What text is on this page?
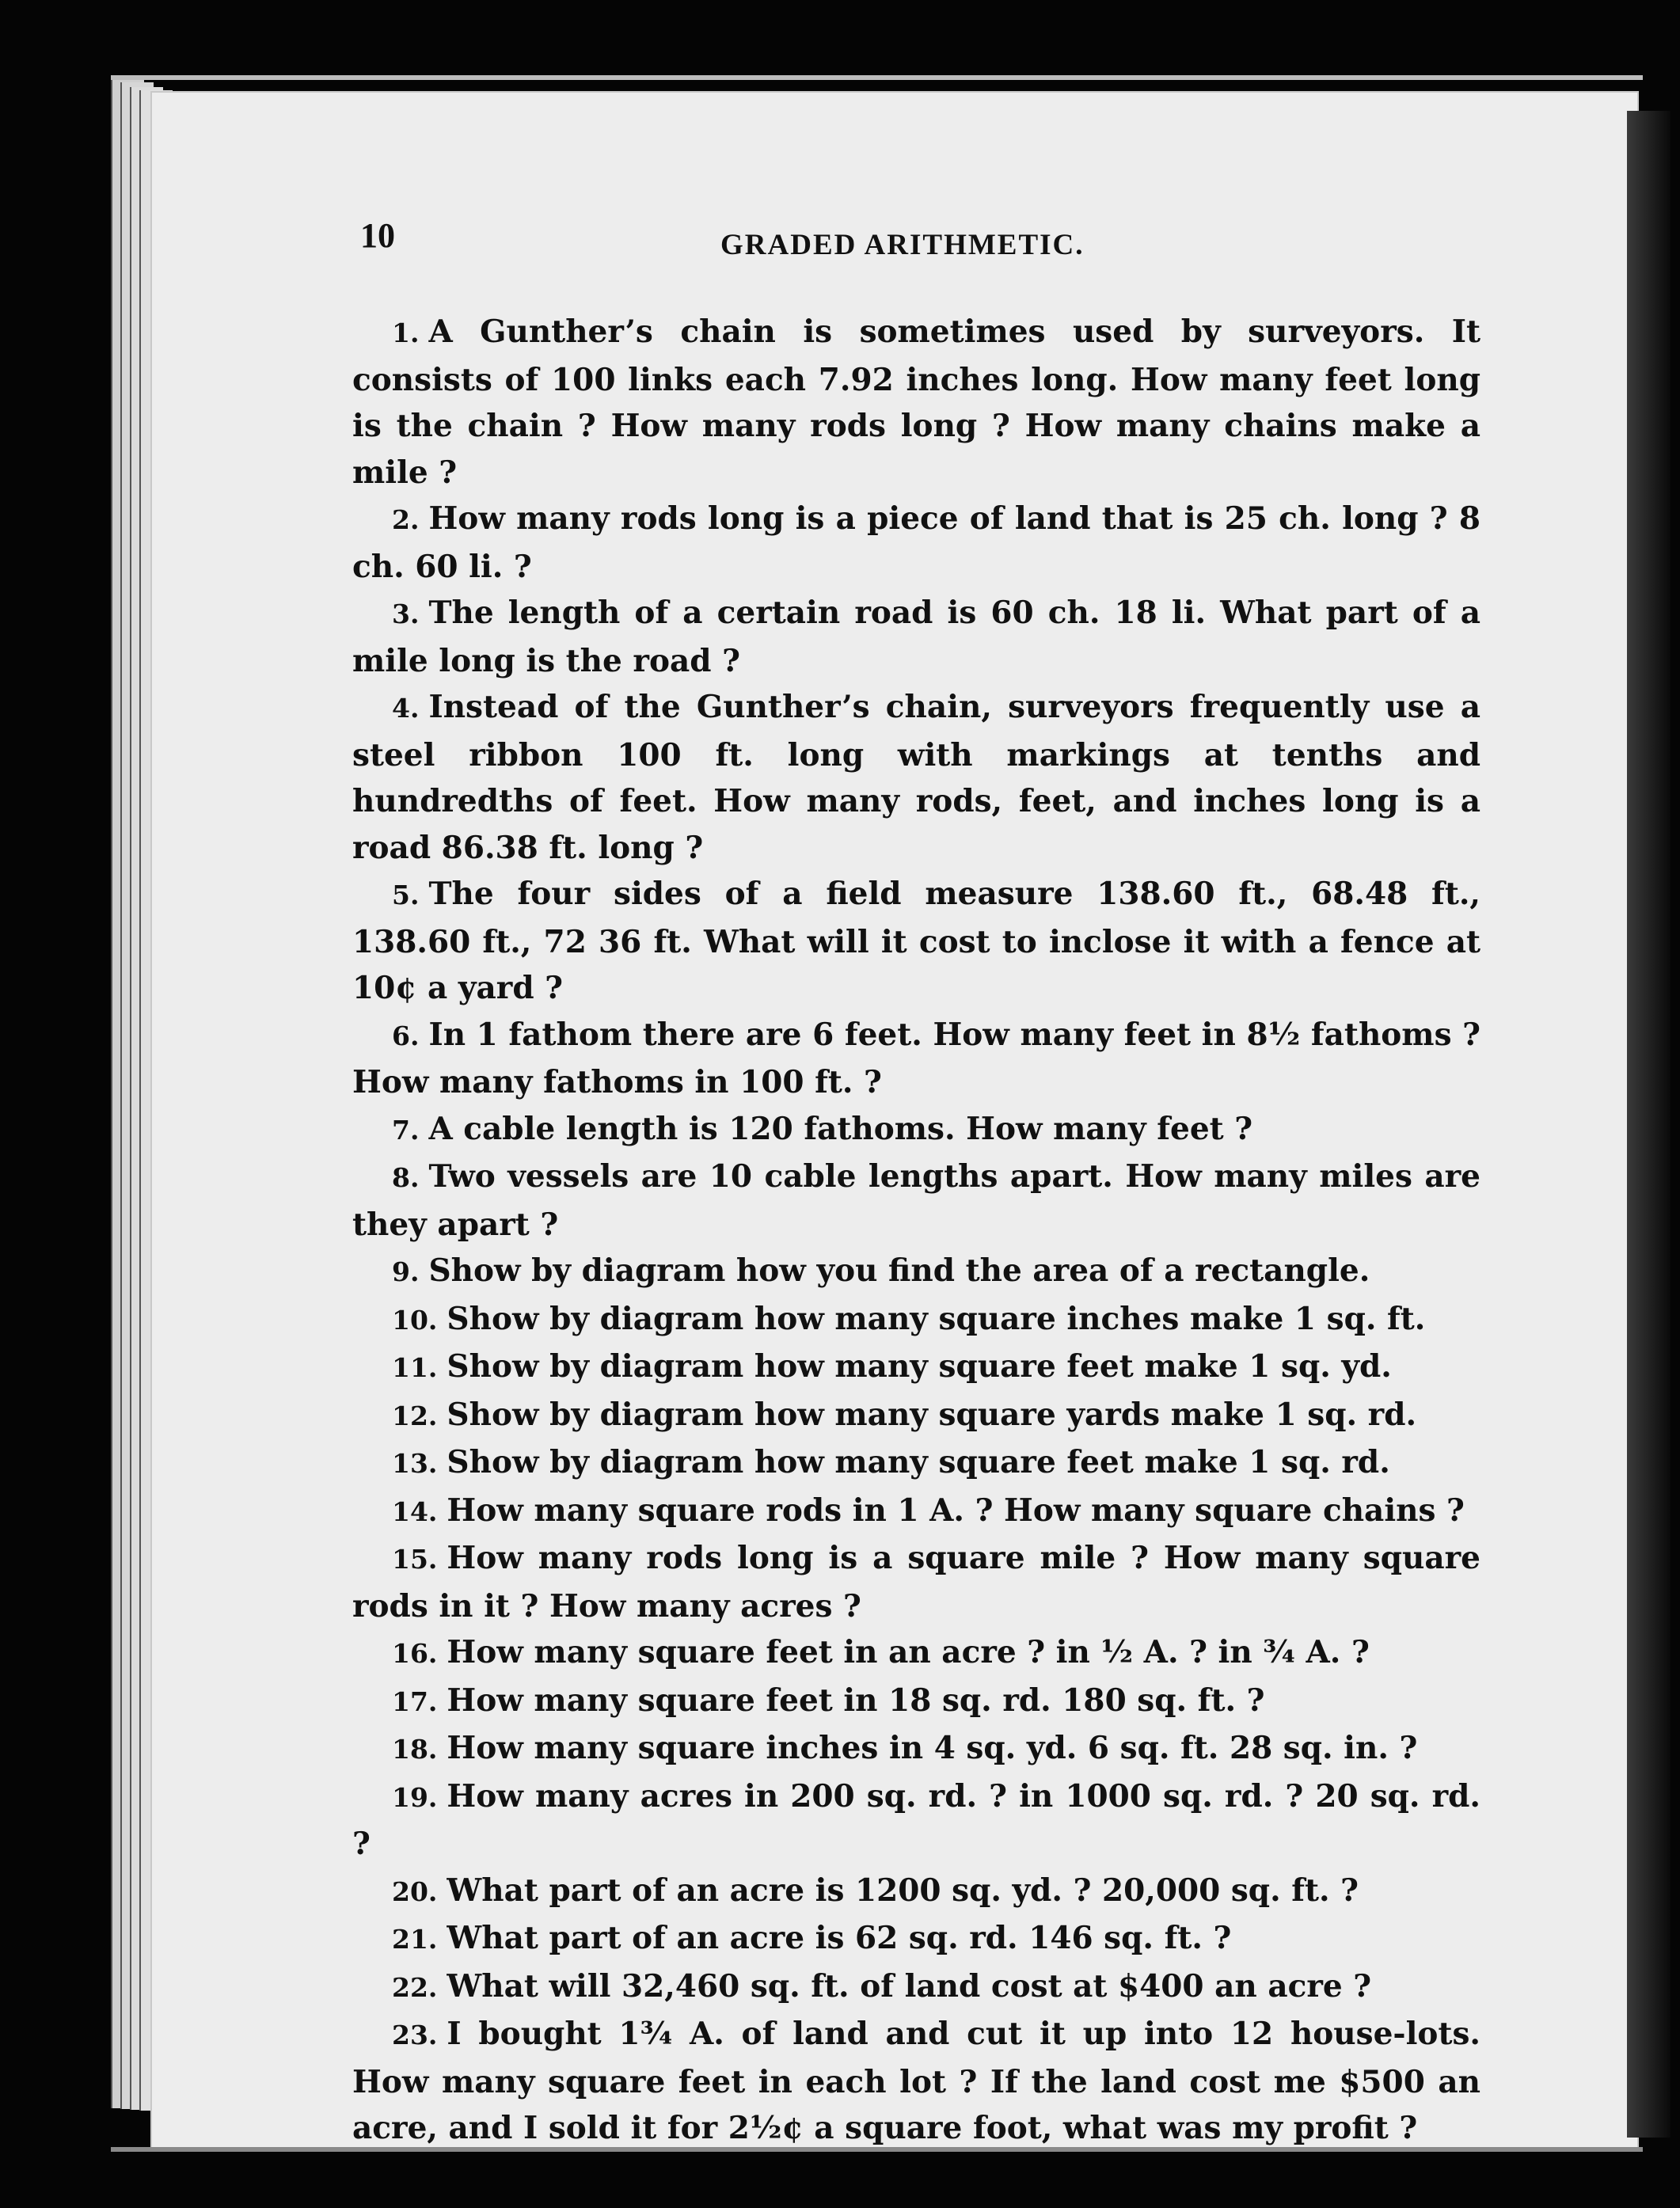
10	GRADED ARITHMETIC.

1. A Gunther’s chain is sometimes used by surveyors. It consists of 100 links each 7.92 inches long. How many feet long is the chain ? How many rods long ? How many chains make a mile ?

2. How many rods long is a piece of land that is 25 ch. long ? 8 ch. 60 li. ?

3. The length of a certain road is 60 ch. 18 li. What part of a mile long is the road ?

4. Instead of the Gunther’s chain, surveyors frequently use a steel ribbon 100 ft. long with markings at tenths and hundredths of feet. How many rods, feet, and inches long is a road 86.38 ft. long ?

5. The four sides of a field measure 138.60 ft., 68.48 ft., 138.60 ft., 72 36 ft. What will it cost to inclose it with a fence at 10¢ a yard ?

6. In 1 fathom there are 6 feet. How many feet in 8½ fathoms ? How many fathoms in 100 ft. ?

7. A cable length is 120 fathoms. How many feet ?

8. Two vessels are 10 cable lengths apart. How many miles are they apart ?

9. Show by diagram how you find the area of a rectangle.

10. Show by diagram how many square inches make 1 sq. ft.

11. Show by diagram how many square feet make 1 sq. yd.

12. Show by diagram how many square yards make 1 sq. rd.

13. Show by diagram how many square feet make 1 sq. rd.

14. How many square rods in 1 A. ? How many square chains ?

15. How many rods long is a square mile ? How many square rods in it ? How many acres ?

16. How many square feet in an acre ? in ½ A. ? in ¾ A. ?

17. How many square feet in 18 sq. rd. 180 sq. ft. ?

18. How many square inches in 4 sq. yd. 6 sq. ft. 28 sq. in. ?

19. How many acres in 200 sq. rd. ? in 1000 sq. rd. ? 20 sq. rd. ?

20. What part of an acre is 1200 sq. yd. ? 20,000 sq. ft. ?

21. What part of an acre is 62 sq. rd. 146 sq. ft. ?

22. What will 32,460 sq. ft. of land cost at $400 an acre ?

23. I bought 1¾ A. of land and cut it up into 12 house-lots. How many square feet in each lot ? If the land cost me $500 an acre, and I sold it for 2½¢ a square foot, what was my profit ?
